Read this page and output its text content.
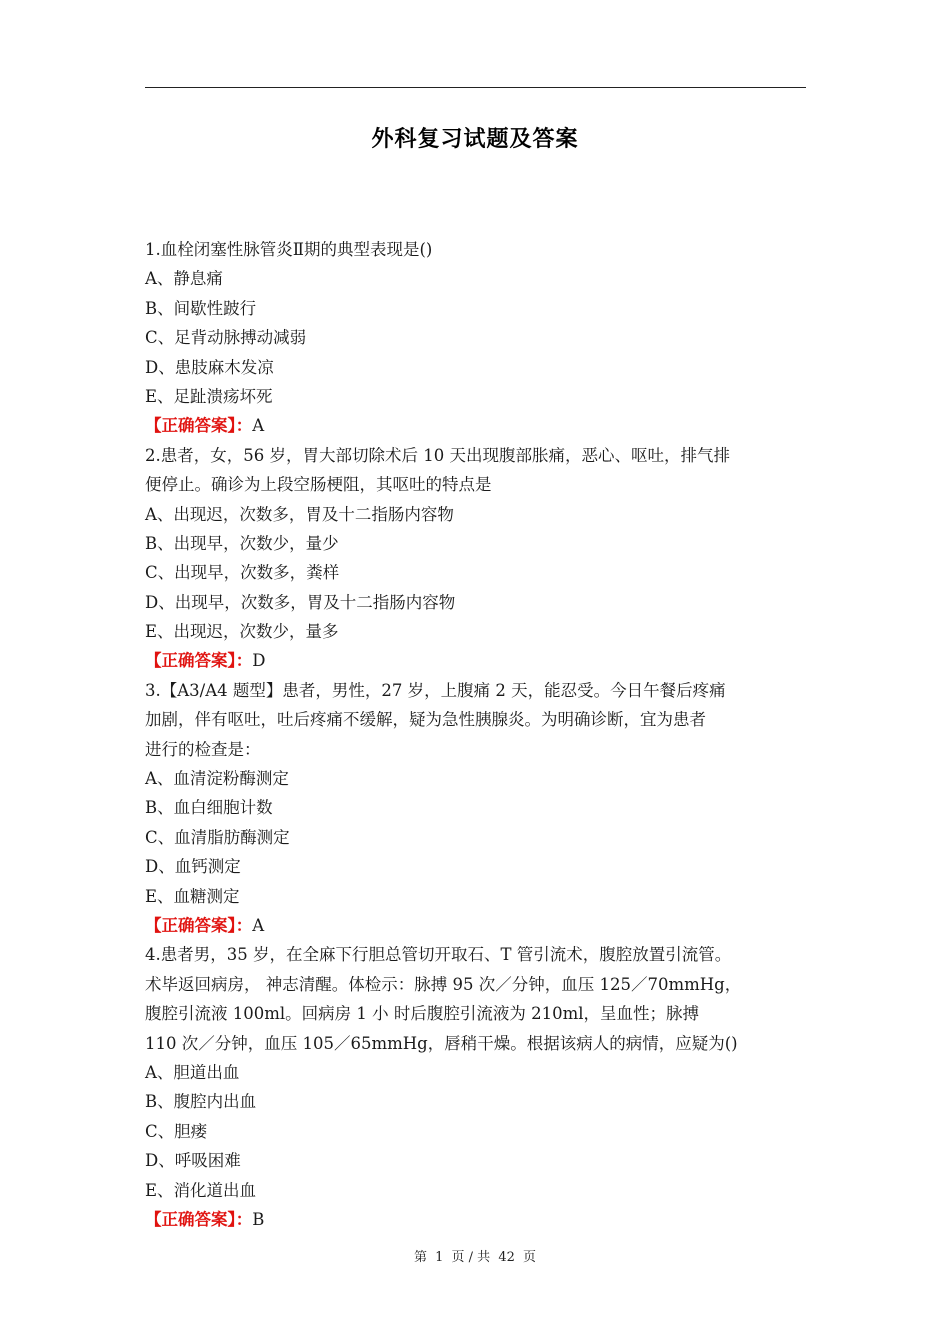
外科复习试题及答案
1.血栓闭塞性脉管炎Ⅱ期的典型表现是()
A、静息痛
B、间歇性跛行
C、足背动脉搏动减弱
D、患肢麻木发凉
E、足趾溃疡坏死
【正确答案】：A
2.患者，女，56 岁，胃大部切除术后 10 天出现腹部胀痛，恶心、呕吐，排气排
便停止。确诊为上段空肠梗阻，其呕吐的特点是
A、出现迟，次数多，胃及十二指肠内容物
B、出现早，次数少，量少
C、出现早，次数多，粪样
D、出现早，次数多，胃及十二指肠内容物
E、出现迟，次数少，量多
【正确答案】：D
3.【A3/A4 题型】患者，男性，27 岁，上腹痛 2 天，能忍受。今日午餐后疼痛
加剧，伴有呕吐，吐后疼痛不缓解，疑为急性胰腺炎。为明确诊断，宜为患者
进行的检查是：
A、血清淀粉酶测定
B、血白细胞计数
C、血清脂肪酶测定
D、血钙测定
E、血糖测定
【正确答案】：A
4.患者男，35 岁，在全麻下行胆总管切开取石、T 管引流术，腹腔放置引流管。
术毕返回病房， 神志清醒。体检示：脉搏 95 次／分钟，血压 125／70mmHg，
腹腔引流液 100ml。回病房 1 小 时后腹腔引流液为 210ml，呈血性；脉搏
110 次／分钟，血压 105／65mmHg，唇稍干燥。根据该病人的病情，应疑为()
A、胆道出血
B、腹腔内出血
C、胆瘘
D、呼吸困难
E、消化道出血
【正确答案】：B
第 1 页 / 共 42 页
